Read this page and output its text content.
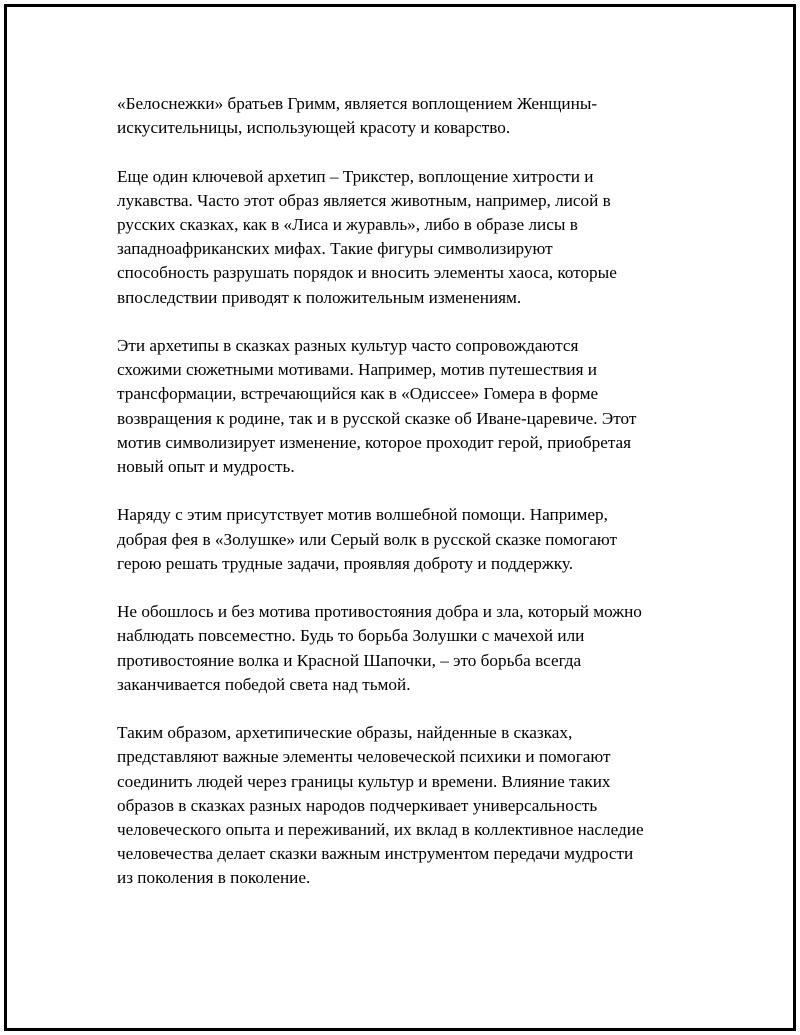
«Белоснежки» братьев Гримм, является воплощением Женщины-
искусительницы, использующей красоту и коварство.

Еще один ключевой архетип – Трикстер, воплощение хитрости и
лукавства. Часто этот образ является животным, например, лисой в
русских сказках, как в «Лиса и журавль», либо в образе лисы в
западноафриканских мифах. Такие фигуры символизируют
способность разрушать порядок и вносить элементы хаоса, которые
впоследствии приводят к положительным изменениям.

Эти архетипы в сказках разных культур часто сопровождаются
схожими сюжетными мотивами. Например, мотив путешествия и
трансформации, встречающийся как в «Одиссее» Гомера в форме
возвращения к родине, так и в русской сказке об Иване-царевиче. Этот
мотив символизирует изменение, которое проходит герой, приобретая
новый опыт и мудрость.

Наряду с этим присутствует мотив волшебной помощи. Например,
добрая фея в «Золушке» или Серый волк в русской сказке помогают
герою решать трудные задачи, проявляя доброту и поддержку.

Не обошлось и без мотива противостояния добра и зла, который можно
наблюдать повсеместно. Будь то борьба Золушки с мачехой или
противостояние волка и Красной Шапочки, – это борьба всегда
заканчивается победой света над тьмой.

Таким образом, архетипические образы, найденные в сказках,
представляют важные элементы человеческой психики и помогают
соединить людей через границы культур и времени. Влияние таких
образов в сказках разных народов подчеркивает универсальность
человеческого опыта и переживаний, их вклад в коллективное наследие
человечества делает сказки важным инструментом передачи мудрости
из поколения в поколение.
